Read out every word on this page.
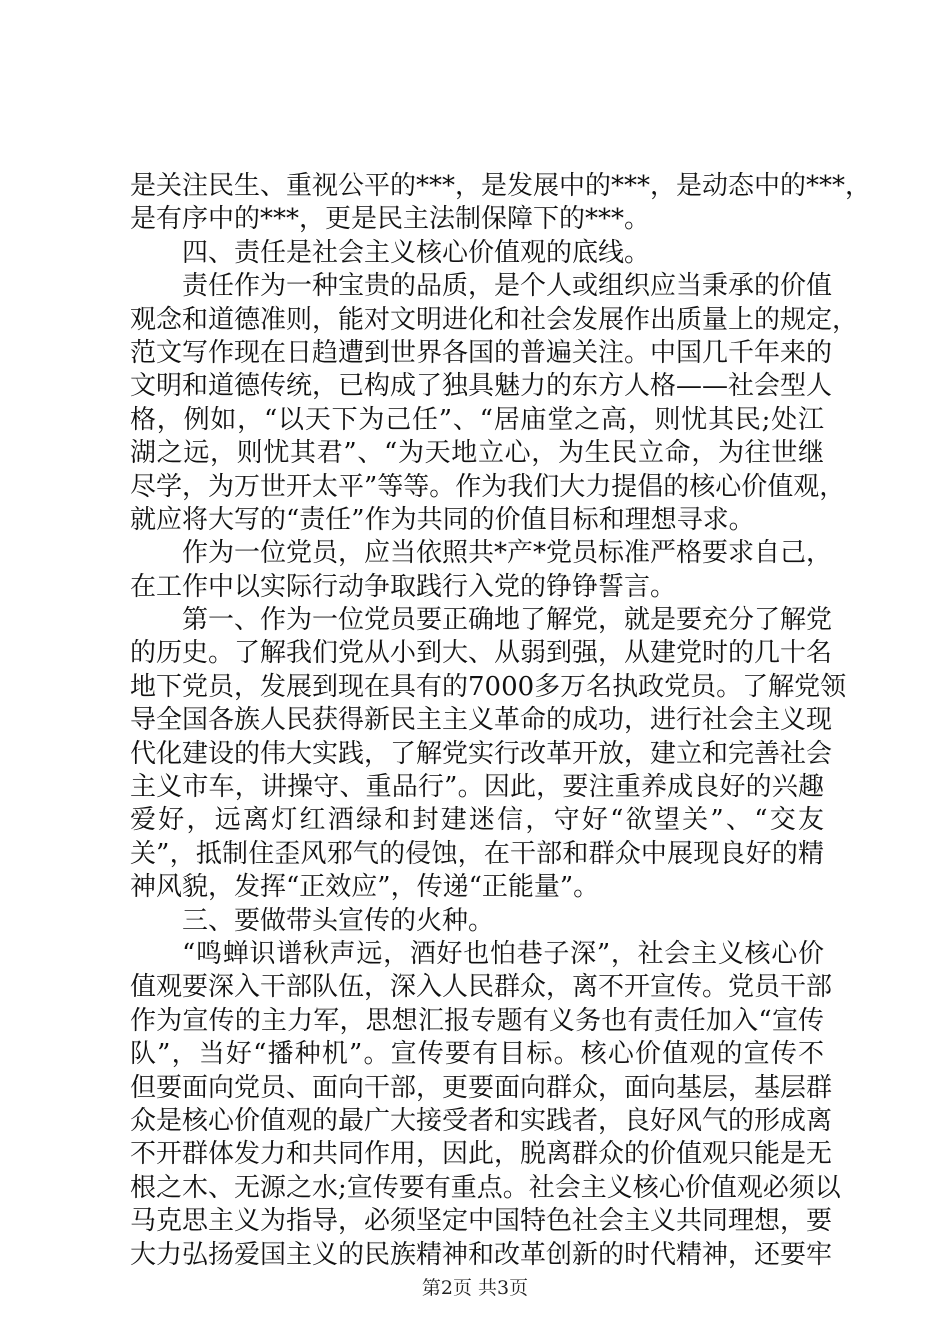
是关注民生、重视公平的***，是发展中的***，是动态中的***，
是有序中的***，更是民主法制保障下的***。
四、责任是社会主义核心价值观的底线。
责任作为一种宝贵的品质，是个人或组织应当秉承的价值
观念和道德准则，能对文明进化和社会发展作出质量上的规定，
范文写作现在日趋遭到世界各国的普遍关注。中国几千年来的
文明和道德传统，已构成了独具魅力的东方人格——社会型人
格，例如，“以天下为己任”、“居庙堂之高，则忧其民;处江
湖之远，则忧其君”、“为天地立心，为生民立命，为往世继
尽学，为万世开太平”等等。作为我们大力提倡的核心价值观，
就应将大写的“责任”作为共同的价值目标和理想寻求。
作为一位党员，应当依照共*产*党员标准严格要求自己，
在工作中以实际行动争取践行入党的铮铮誓言。
第一、作为一位党员要正确地了解党，就是要充分了解党
的历史。了解我们党从小到大、从弱到强，从建党时的几十名
地下党员，发展到现在具有的7000多万名执政党员。了解党领
导全国各族人民获得新民主主义革命的成功，进行社会主义现
代化建设的伟大实践，了解党实行改革开放，建立和完善社会
主义市车，讲操守、重品行”。因此，要注重养成良好的兴趣
爱好，远离灯红酒绿和封建迷信，守好“欲望关”、“交友
关”，抵制住歪风邪气的侵蚀，在干部和群众中展现良好的精
神风貌，发挥“正效应”，传递“正能量”。
三、要做带头宣传的火种。
“鸣蝉识谱秋声远，酒好也怕巷子深”，社会主义核心价
值观要深入干部队伍，深入人民群众，离不开宣传。党员干部
作为宣传的主力军，思想汇报专题有义务也有责任加入“宣传
队”，当好“播种机”。宣传要有目标。核心价值观的宣传不
但要面向党员、面向干部，更要面向群众，面向基层，基层群
众是核心价值观的最广大接受者和实践者，良好风气的形成离
不开群体发力和共同作用，因此，脱离群众的价值观只能是无
根之木、无源之水;宣传要有重点。社会主义核心价值观必须以
马克思主义为指导，必须坚定中国特色社会主义共同理想，要
大力弘扬爱国主义的民族精神和改革创新的时代精神，还要牢
第2页 共3页
